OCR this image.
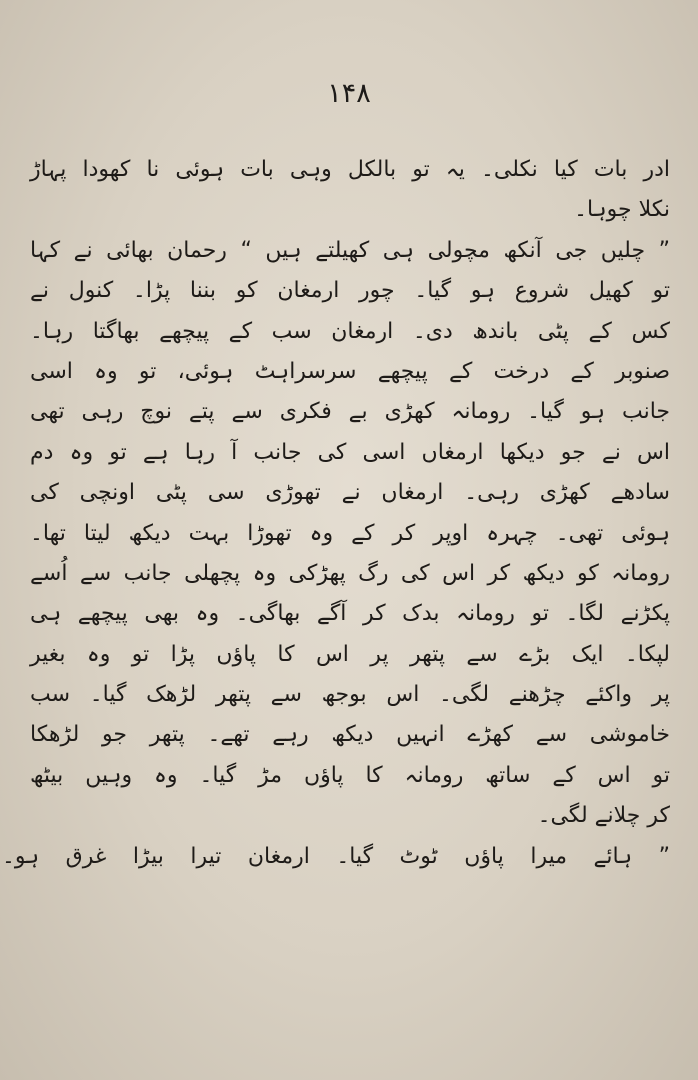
۱۴۸
ادر بات کیا نکلی۔ یہ تو بالکل وہی بات ہوئی نا کھودا پہاڑ
نکلا چوہا۔
” چلیں جی آنکھ مچولی ہی کھیلتے ہیں “ رحمان بھائی نے کہا
تو کھیل شروع ہو گیا۔ چور ارمغان کو بننا پڑا۔ کنول نے
کس کے پٹی باندھ دی۔ ارمغان سب کے پیچھے بھاگتا رہا۔
صنوبر کے درخت کے پیچھے سرسراہٹ ہوئی، تو وہ اسی
جانب ہو گیا۔ رومانہ کھڑی بے فکری سے پتے نوچ رہی تھی
اس نے جو دیکھا ارمغاں اسی کی جانب آ رہا ہے تو وہ دم
سادھے کھڑی رہی۔ ارمغاں نے تھوڑی سی پٹی اونچی کی
ہوئی تھی۔ چہرہ اوپر کر کے وہ تھوڑا بہت دیکھ لیتا تھا۔
رومانہ کو دیکھ کر اس کی رگ پھڑکی وہ پچھلی جانب سے اُسے
پکڑنے لگا۔ تو رومانہ بدک کر آگے بھاگی۔ وہ بھی پیچھے ہی
لپکا۔ ایک بڑے سے پتھر پر اس کا پاؤں پڑا تو وہ بغیر
پر واکئے چڑھنے لگی۔ اس بوجھ سے پتھر لڑھک گیا۔ سب
خاموشی سے کھڑے انہیں دیکھ رہے تھے۔ پتھر جو لڑھکا
تو اس کے ساتھ رومانہ کا پاؤں مڑ گیا۔ وہ وہیں بیٹھ
کر چلانے لگی۔
” ہائے میرا پاؤں ٹوٹ گیا۔ ارمغان تیرا بیڑا غرق ہو۔
